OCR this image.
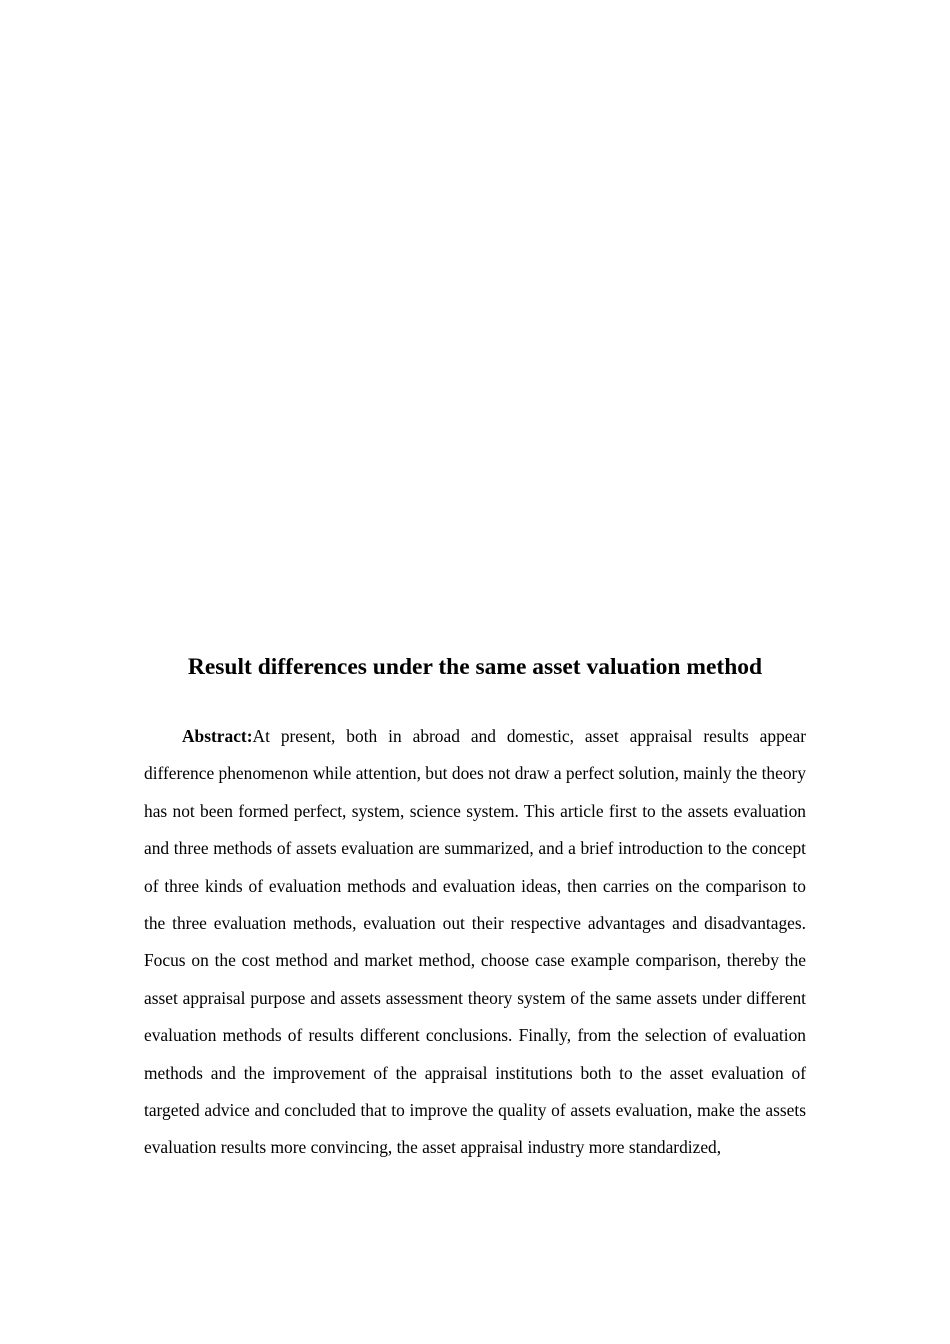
Result differences under the same asset valuation method

Abstract:At present, both in abroad and domestic, asset appraisal results appear difference phenomenon while attention, but does not draw a perfect solution, mainly the theory has not been formed perfect, system, science system. This article first to the assets evaluation and three methods of assets evaluation are summarized, and a brief introduction to the concept of three kinds of evaluation methods and evaluation ideas, then carries on the comparison to the three evaluation methods, evaluation out their respective advantages and disadvantages. Focus on the cost method and market method, choose case example comparison, thereby the asset appraisal purpose and assets assessment theory system of the same assets under different evaluation methods of results different conclusions. Finally, from the selection of evaluation methods and the improvement of the appraisal institutions both to the asset evaluation of targeted advice and concluded that to improve the quality of assets evaluation, make the assets evaluation results more convincing, the asset appraisal industry more standardized,
